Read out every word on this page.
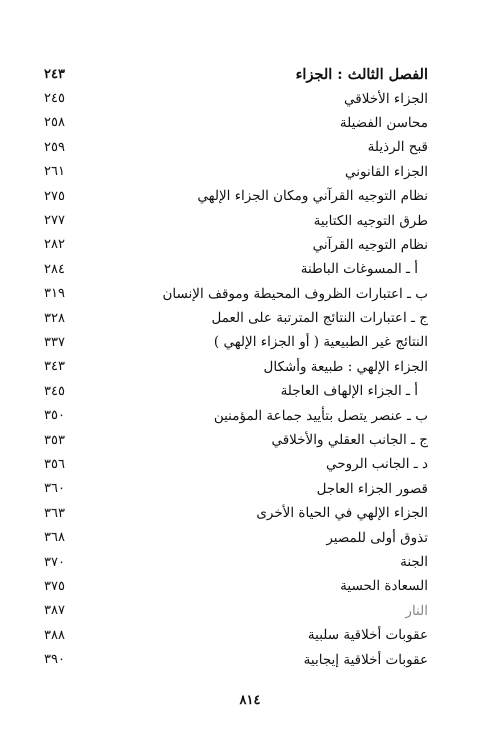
الفصل الثالث : الجزاء
٢٤٣
الجزاء الأخلاقي
٢٤٥
محاسن الفضيلة
٢٥٨
قبح الرذيلة
٢٥٩
الجزاء القانوني
٢٦١
نظام التوجيه القرآني ومكان الجزاء الإلهي
٢٧٥
طرق التوجيه الكتابية
٢٧٧
نظام التوجيه القرآني
٢٨٢
أ ـ المسوغات الباطنة
٢٨٤
ب ـ اعتبارات الظروف المحيطة وموقف الإنسان
٣١٩
ج ـ اعتبارات النتائج المترتبة على العمل
٣٢٨
النتائج غير الطبيعية ( أو الجزاء الإلهي )
٣٣٧
الجزاء الإلهي : طبيعة وأشكال
٣٤٣
أ ـ الجزاء الإلهاف العاجلة
٣٤٥
ب ـ عنصر يتصل بتأييد جماعة المؤمنين
٣٥٠
ج ـ الجانب العقلي والأخلاقي
٣٥٣
د ـ الجانب الروحي
٣٥٦
قصور الجزاء العاجل
٣٦٠
الجزاء الإلهي في الحياة الأخرى
٣٦٣
تذوق أولى للمصير
٣٦٨
الجنة
٣٧٠
السعادة الحسية
٣٧٥
النار
٣٨٧
عقوبات أخلاقية سلبية
٣٨٨
عقوبات أخلاقية إيجابية
٣٩٠
٨١٤
